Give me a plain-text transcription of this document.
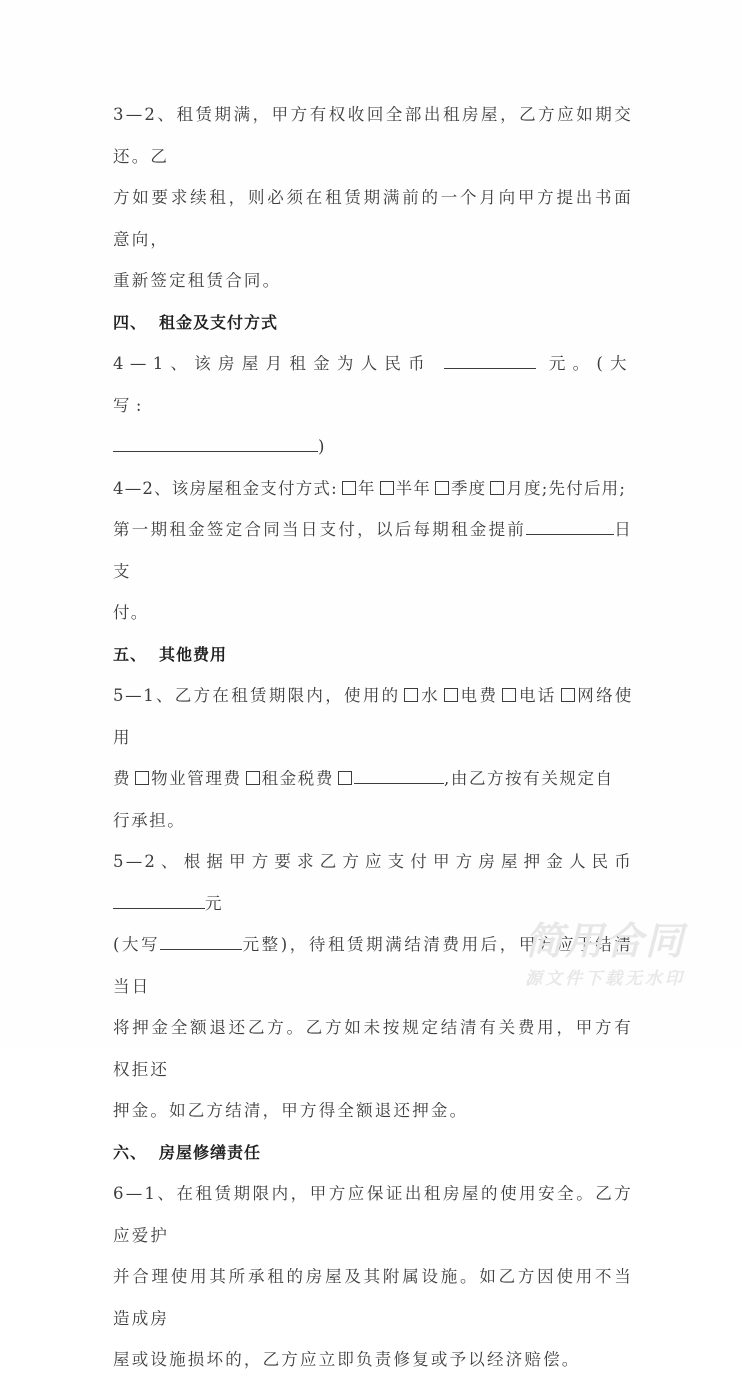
3—2、租赁期满，甲方有权收回全部出租房屋，乙方应如期交还。乙
方如要求续租，则必须在租赁期满前的一个月向甲方提出书面意向，
重新签定租赁合同。

四、 租金及支付方式

4—1、该房屋月租金为人民币	元。(大写:
)

4—2、该房屋租金支付方式: 年 半年 季度 月度;先付后用;
第一期租金签定合同当日支付，以后每期租金提前	日支
付。

五、 其他费用

5—1、乙方在租赁期限内，使用的 水 电费 电话 网络使用
费 物业管理费 租金税费	,由乙方按有关规定自
行承担。

5—2、根据甲方要求乙方应支付甲方房屋押金人民币元
(大写	元整)，待租赁期满结清费用后，甲方应于结清当日
将押金全额退还乙方。乙方如未按规定结清有关费用，甲方有权拒还
押金。如乙方结清，甲方得全额退还押金。

六、 房屋修缮责任

6—1、在租赁期限内，甲方应保证出租房屋的使用安全。乙方应爱护
并合理使用其所承租的房屋及其附属设施。如乙方因使用不当造成房
屋或设施损坏的，乙方应立即负责修复或予以经济赔偿。

简用合同
源文件下载无水印
